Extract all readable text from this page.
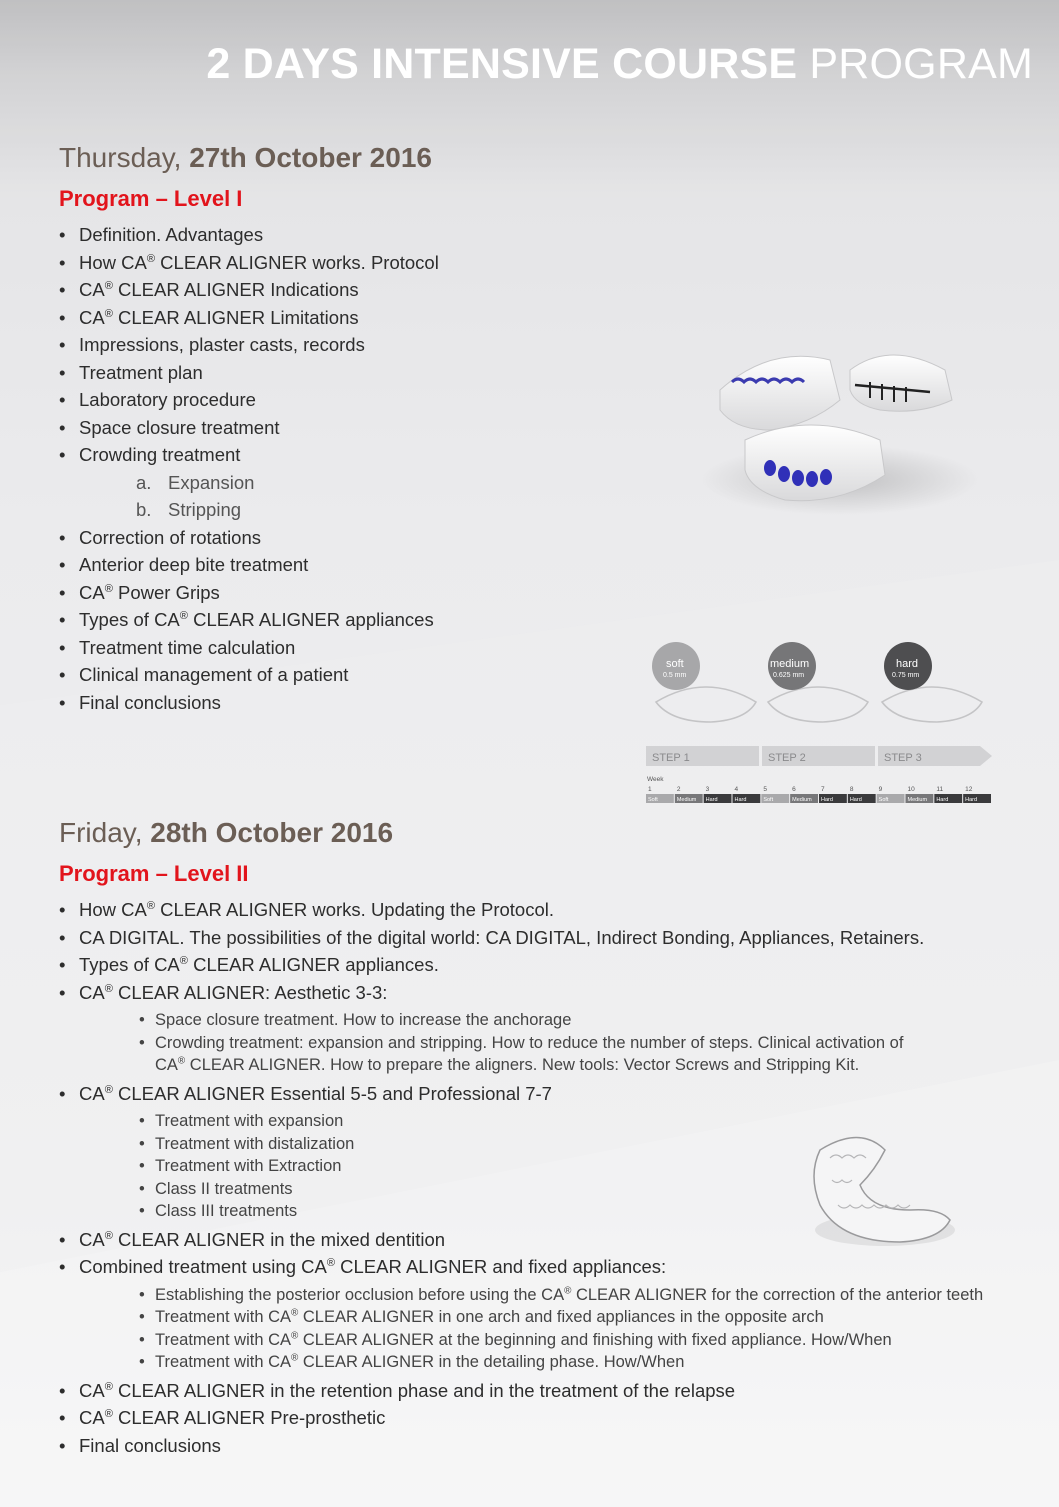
2 DAYS INTENSIVE COURSE PROGRAM
Thursday, 27th October 2016
Program – Level I
• Definition. Advantages
• How CA® CLEAR ALIGNER works. Protocol
• CA® CLEAR ALIGNER Indications
• CA® CLEAR ALIGNER Limitations
• Impressions, plaster casts, records
• Treatment plan
• Laboratory procedure
• Space closure treatment
• Crowding treatment
a. Expansion
b. Stripping
• Correction of rotations
• Anterior deep bite treatment
• CA® Power Grips
• Types of CA® CLEAR ALIGNER appliances
• Treatment time calculation
• Clinical management of a patient
• Final conclusions
soft
0.5 mm
medium
0.625 mm
hard
0.75 mm
STEP 1	STEP 2	STEP 3
Week
1	2	3	4	5	6	7	8	9	10	11	12
Soft	Medium Hard	Hard	Soft	Medium Hard	Hard	Soft	Medium Hard	Hard
Friday, 28th October 2016
Program – Level II
• How CA® CLEAR ALIGNER works. Updating the Protocol.
• CA DIGITAL. The possibilities of the digital world: CA DIGITAL, Indirect Bonding, Appliances, Retainers.
• Types of CA® CLEAR ALIGNER appliances.
• CA® CLEAR ALIGNER: Aesthetic 3-3:
• Space closure treatment. How to increase the anchorage
• Crowding treatment: expansion and stripping. How to reduce the number of steps. Clinical activation of
CA® CLEAR ALIGNER. How to prepare the aligners. New tools: Vector Screws and Stripping Kit.
• CA® CLEAR ALIGNER Essential 5-5 and Professional 7-7
• Treatment with expansion
• Treatment with distalization
• Treatment with Extraction
• Class II treatments
• Class III treatments
• CA® CLEAR ALIGNER in the mixed dentition
• Combined treatment using CA® CLEAR ALIGNER and fixed appliances:
• Establishing the posterior occlusion before using the CA® CLEAR ALIGNER for the correction of the anterior teeth
• Treatment with CA® CLEAR ALIGNER in one arch and fixed appliances in the opposite arch
• Treatment with CA® CLEAR ALIGNER at the beginning and finishing with fixed appliance. How/When
• Treatment with CA® CLEAR ALIGNER in the detailing phase. How/When
• CA® CLEAR ALIGNER in the retention phase and in the treatment of the relapse
• CA® CLEAR ALIGNER Pre-prosthetic
• Final conclusions
